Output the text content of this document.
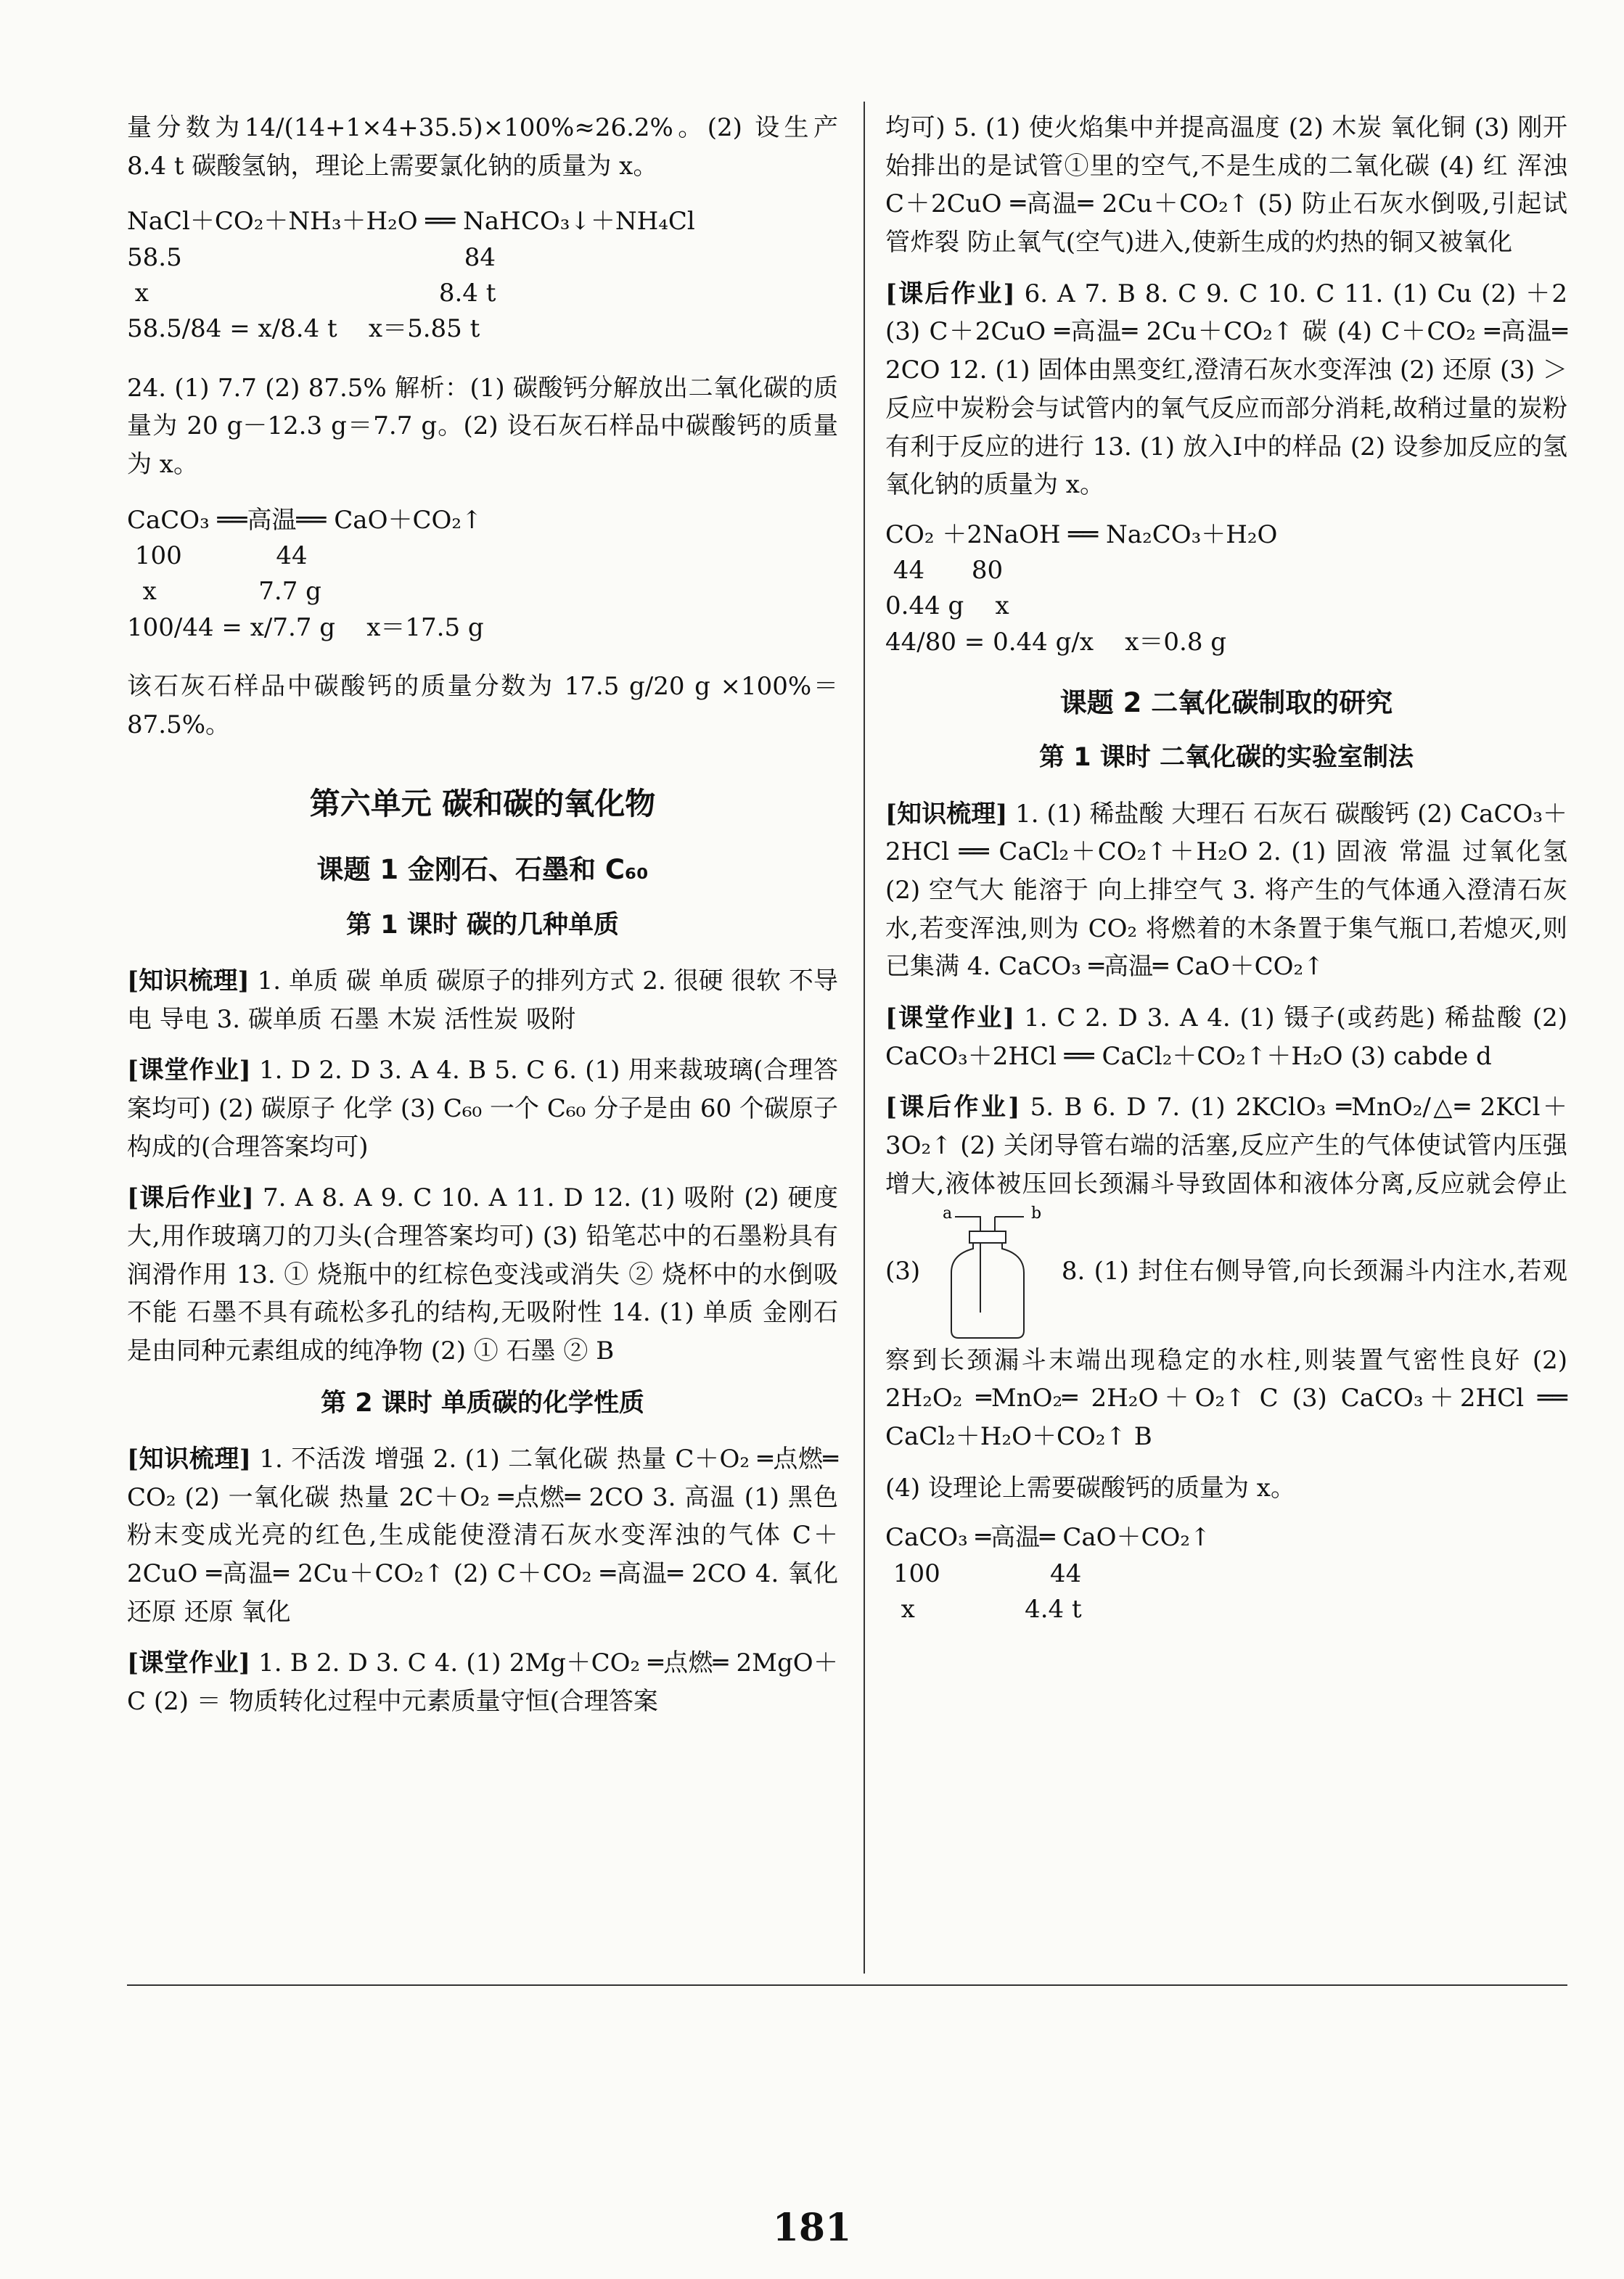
量分数为14/(14+1×4+35.5)×100%≈26.2%。(2) 设生产 8.4 t 碳酸氢钠，理论上需要氯化钠的质量为 x。

NaCl＋CO₂＋NH₃＋H₂O ══ NaHCO₃↓＋NH₄Cl
58.5                                    84
x                                     8.4 t
58.5/84 = x/8.4 t    x＝5.85 t

24. (1) 7.7 (2) 87.5% 解析：(1) 碳酸钙分解放出二氧化碳的质量为 20 g－12.3 g＝7.7 g。(2) 设石灰石样品中碳酸钙的质量为 x。

CaCO₃ ══高温══ CaO＋CO₂↑
100            44
x             7.7 g
100/44 = x/7.7 g    x＝17.5 g

该石灰石样品中碳酸钙的质量分数为 17.5 g/20 g ×100%＝87.5%。

第六单元 碳和碳的氧化物
课题 1 金刚石、石墨和 C₆₀
第 1 课时 碳的几种单质

[知识梳理] 1. 单质 碳 单质 碳原子的排列方式 2. 很硬 很软 不导电 导电 3. 碳单质 石墨 木炭 活性炭 吸附

[课堂作业] 1. D 2. D 3. A 4. B 5. C 6. (1) 用来裁玻璃(合理答案均可) (2) 碳原子 化学 (3) C₆₀ 一个 C₆₀ 分子是由 60 个碳原子构成的(合理答案均可)

[课后作业] 7. A 8. A 9. C 10. A 11. D 12. (1) 吸附 (2) 硬度大,用作玻璃刀的刀头(合理答案均可) (3) 铅笔芯中的石墨粉具有润滑作用 13. ① 烧瓶中的红棕色变浅或消失 ② 烧杯中的水倒吸 不能 石墨不具有疏松多孔的结构,无吸附性 14. (1) 单质 金刚石是由同种元素组成的纯净物 (2) ① 石墨 ② B

第 2 课时 单质碳的化学性质

[知识梳理] 1. 不活泼 增强 2. (1) 二氧化碳 热量 C＋O₂ ═点燃═ CO₂ (2) 一氧化碳 热量 2C＋O₂ ═点燃═ 2CO 3. 高温 (1) 黑色粉末变成光亮的红色,生成能使澄清石灰水变浑浊的气体 C＋2CuO ═高温═ 2Cu＋CO₂↑ (2) C＋CO₂ ═高温═ 2CO 4. 氧化 还原 还原 氧化

[课堂作业] 1. B 2. D 3. C 4. (1) 2Mg＋CO₂ ═点燃═ 2MgO＋C (2) ＝ 物质转化过程中元素质量守恒(合理答案

均可) 5. (1) 使火焰集中并提高温度 (2) 木炭 氧化铜 (3) 刚开始排出的是试管①里的空气,不是生成的二氧化碳 (4) 红 浑浊 C＋2CuO ═高温═ 2Cu＋CO₂↑ (5) 防止石灰水倒吸,引起试管炸裂 防止氧气(空气)进入,使新生成的灼热的铜又被氧化

[课后作业] 6. A 7. B 8. C 9. C 10. C 11. (1) Cu (2) ＋2 (3) C＋2CuO ═高温═ 2Cu＋CO₂↑ 碳 (4) C＋CO₂ ═高温═ 2CO 12. (1) 固体由黑变红,澄清石灰水变浑浊 (2) 还原 (3) ＞ 反应中炭粉会与试管内的氧气反应而部分消耗,故稍过量的炭粉有利于反应的进行 13. (1) 放入Ⅰ中的样品 (2) 设参加反应的氢氧化钠的质量为 x。

CO₂ ＋2NaOH ══ Na₂CO₃＋H₂O
44      80
0.44 g    x
44/80 = 0.44 g/x    x＝0.8 g
课题 2 二氧化碳制取的研究
第 1 课时 二氧化碳的实验室制法

[知识梳理] 1. (1) 稀盐酸 大理石 石灰石 碳酸钙 (2) CaCO₃＋2HCl ══ CaCl₂＋CO₂↑＋H₂O 2. (1) 固液 常温 过氧化氢 (2) 空气大 能溶于 向上排空气 3. 将产生的气体通入澄清石灰水,若变浑浊,则为 CO₂ 将燃着的木条置于集气瓶口,若熄灭,则已集满 4. CaCO₃ ═高温═ CaO＋CO₂↑

[课堂作业] 1. C 2. D 3. A 4. (1) 镊子(或药匙) 稀盐酸 (2) CaCO₃＋2HCl ══ CaCl₂＋CO₂↑＋H₂O (3) cabde d

[课后作业] 5. B 6. D 7. (1) 2KClO₃ ═MnO₂/△═ 2KCl＋3O₂↑ (2) 关闭导管右端的活塞,反应产生的气体使试管内压强增大,液体被压回长颈漏斗导致固体和液体分离,反应就会停止 (3)
a	b
8. (1) 封住右侧导管,向长颈漏斗内注水,若观察到长颈漏斗末端出现稳定的水柱,则装置气密性良好 (2) 2H₂O₂ ═MnO₂═ 2H₂O＋O₂↑ C (3) CaCO₃＋2HCl ══ CaCl₂＋H₂O＋CO₂↑ B

(4) 设理论上需要碳酸钙的质量为 x。

CaCO₃ ═高温═ CaO＋CO₂↑
100              44
x              4.4 t
181
